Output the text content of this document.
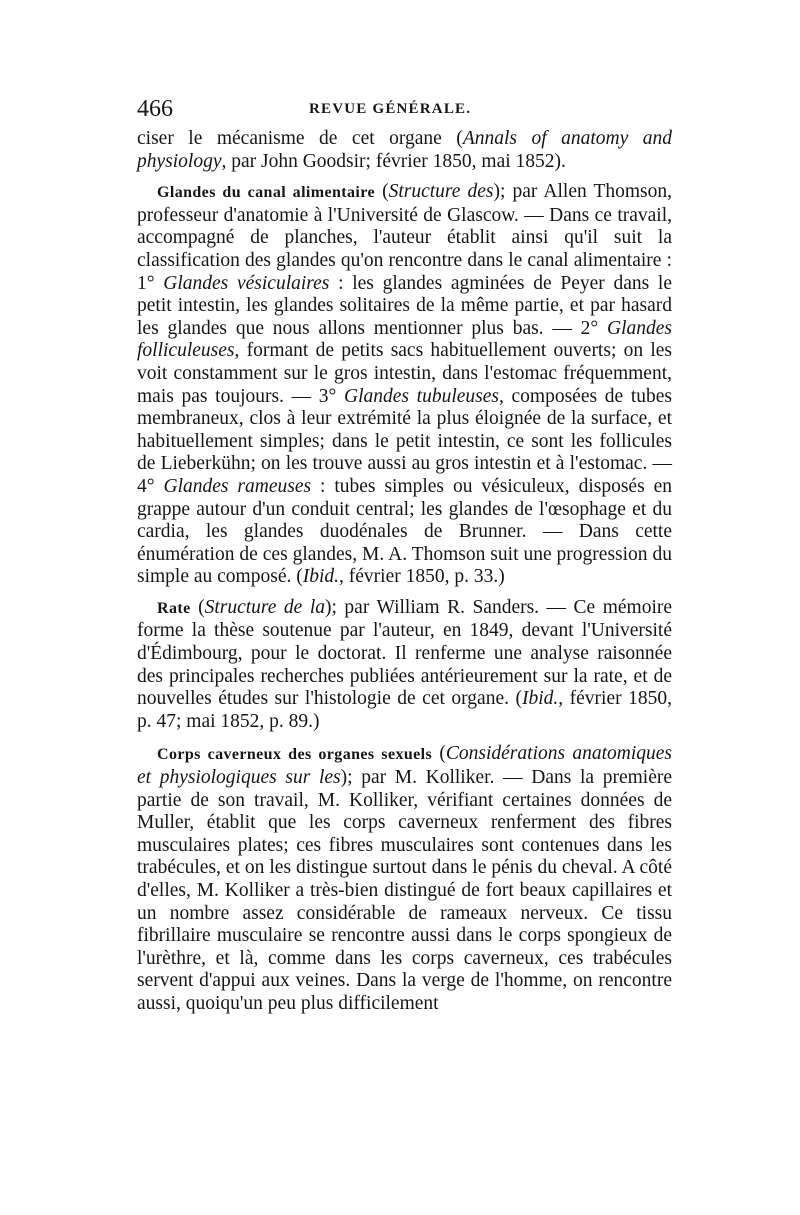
466	REVUE GÉNÉRALE.

ciser le mécanisme de cet organe (Annals of anatomy and physiology, par John Goodsir; février 1850, mai 1852).

Glandes du canal alimentaire (Structure des); par Allen Thomson, professeur d'anatomie à l'Université de Glascow. — Dans ce travail, accompagné de planches, l'auteur établit ainsi qu'il suit la classification des glandes qu'on rencontre dans le canal alimentaire : 1° Glandes vésiculaires : les glandes agminées de Peyer dans le petit intestin, les glandes solitaires de la même partie, et par hasard les glandes que nous allons mentionner plus bas. — 2° Glandes folliculeuses, formant de petits sacs habituellement ouverts; on les voit constamment sur le gros intestin, dans l'estomac fréquemment, mais pas toujours. — 3° Glandes tubuleuses, composées de tubes membraneux, clos à leur extrémité la plus éloignée de la surface, et habituellement simples; dans le petit intestin, ce sont les follicules de Lieberkühn; on les trouve aussi au gros intestin et à l'estomac. — 4° Glandes rameuses : tubes simples ou vésiculeux, disposés en grappe autour d'un conduit central; les glandes de l'œsophage et du cardia, les glandes duodénales de Brunner. — Dans cette énumération de ces glandes, M. A. Thomson suit une progression du simple au composé. (Ibid., février 1850, p. 33.)

Rate (Structure de la); par William R. Sanders. — Ce mémoire forme la thèse soutenue par l'auteur, en 1849, devant l'Université d'Édimbourg, pour le doctorat. Il renferme une analyse raisonnée des principales recherches publiées antérieurement sur la rate, et de nouvelles études sur l'histologie de cet organe. (Ibid., février 1850, p. 47; mai 1852, p. 89.)

Corps caverneux des organes sexuels (Considérations anatomiques et physiologiques sur les); par M. Kolliker. — Dans la première partie de son travail, M. Kolliker, vérifiant certaines données de Muller, établit que les corps caverneux renferment des fibres musculaires plates; ces fibres musculaires sont contenues dans les trabécules, et on les distingue surtout dans le pénis du cheval. A côté d'elles, M. Kolliker a très-bien distingué de fort beaux capillaires et un nombre assez considérable de rameaux nerveux. Ce tissu fibrillaire musculaire se rencontre aussi dans le corps spongieux de l'urèthre, et là, comme dans les corps caverneux, ces trabécules servent d'appui aux veines. Dans la verge de l'homme, on rencontre aussi, quoiqu'un peu plus difficilement
